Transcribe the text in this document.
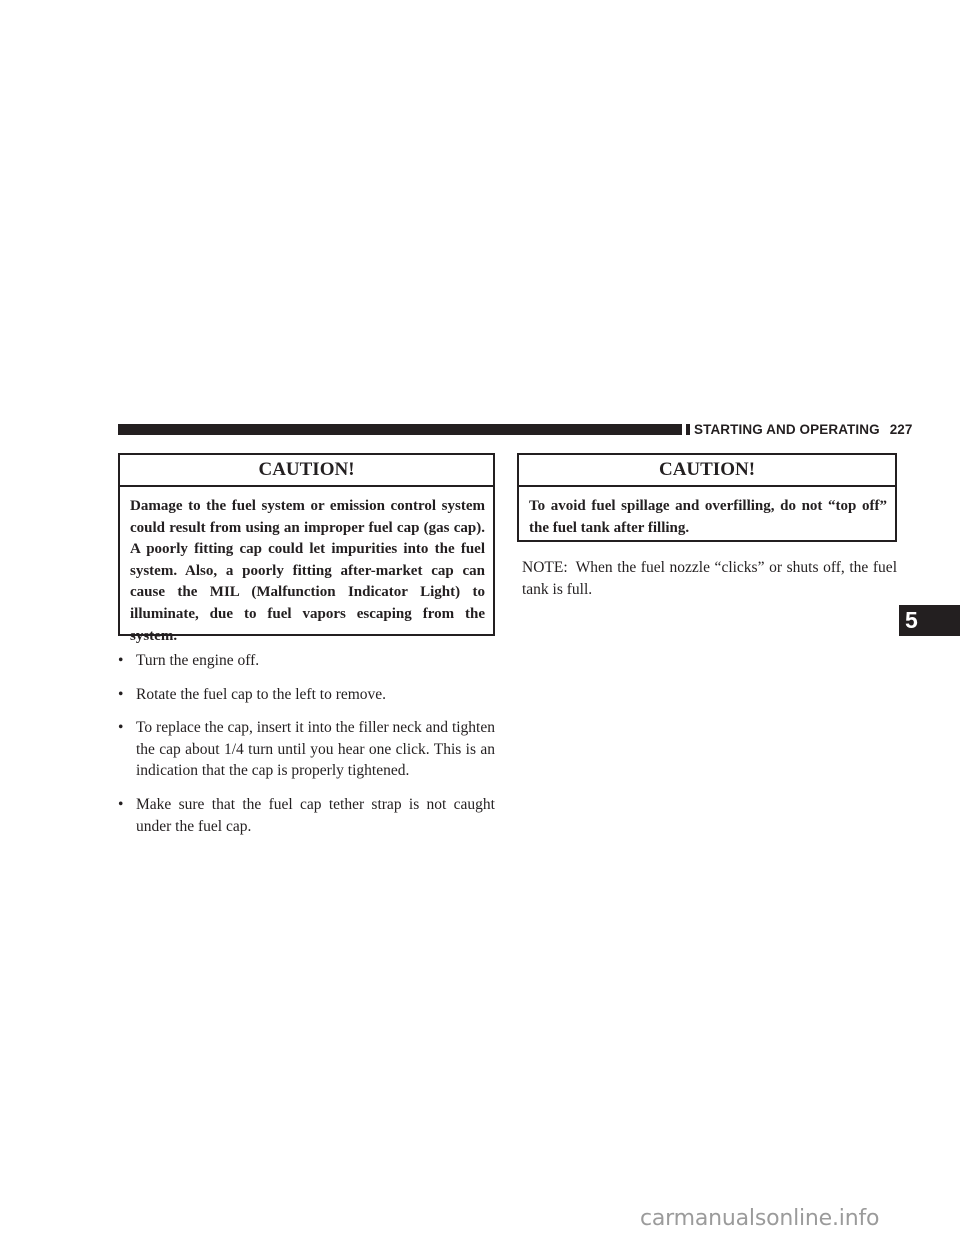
STARTING AND OPERATING 227
CAUTION!
Damage to the fuel system or emission control system could result from using an improper fuel cap (gas cap). A poorly fitting cap could let impurities into the fuel system. Also, a poorly fitting after-market cap can cause the MIL (Malfunction Indicator Light) to illuminate, due to fuel vapors escaping from the system.
• Turn the engine off.
• Rotate the fuel cap to the left to remove.
• To replace the cap, insert it into the filler neck and tighten the cap about 1/4 turn until you hear one click. This is an indication that the cap is properly tightened.
• Make sure that the fuel cap tether strap is not caught under the fuel cap.
CAUTION!
To avoid fuel spillage and overfilling, do not “top off” the fuel tank after filling.

NOTE: When the fuel nozzle “clicks” or shuts off, the fuel tank is full.

5
carmanualsonline.info
